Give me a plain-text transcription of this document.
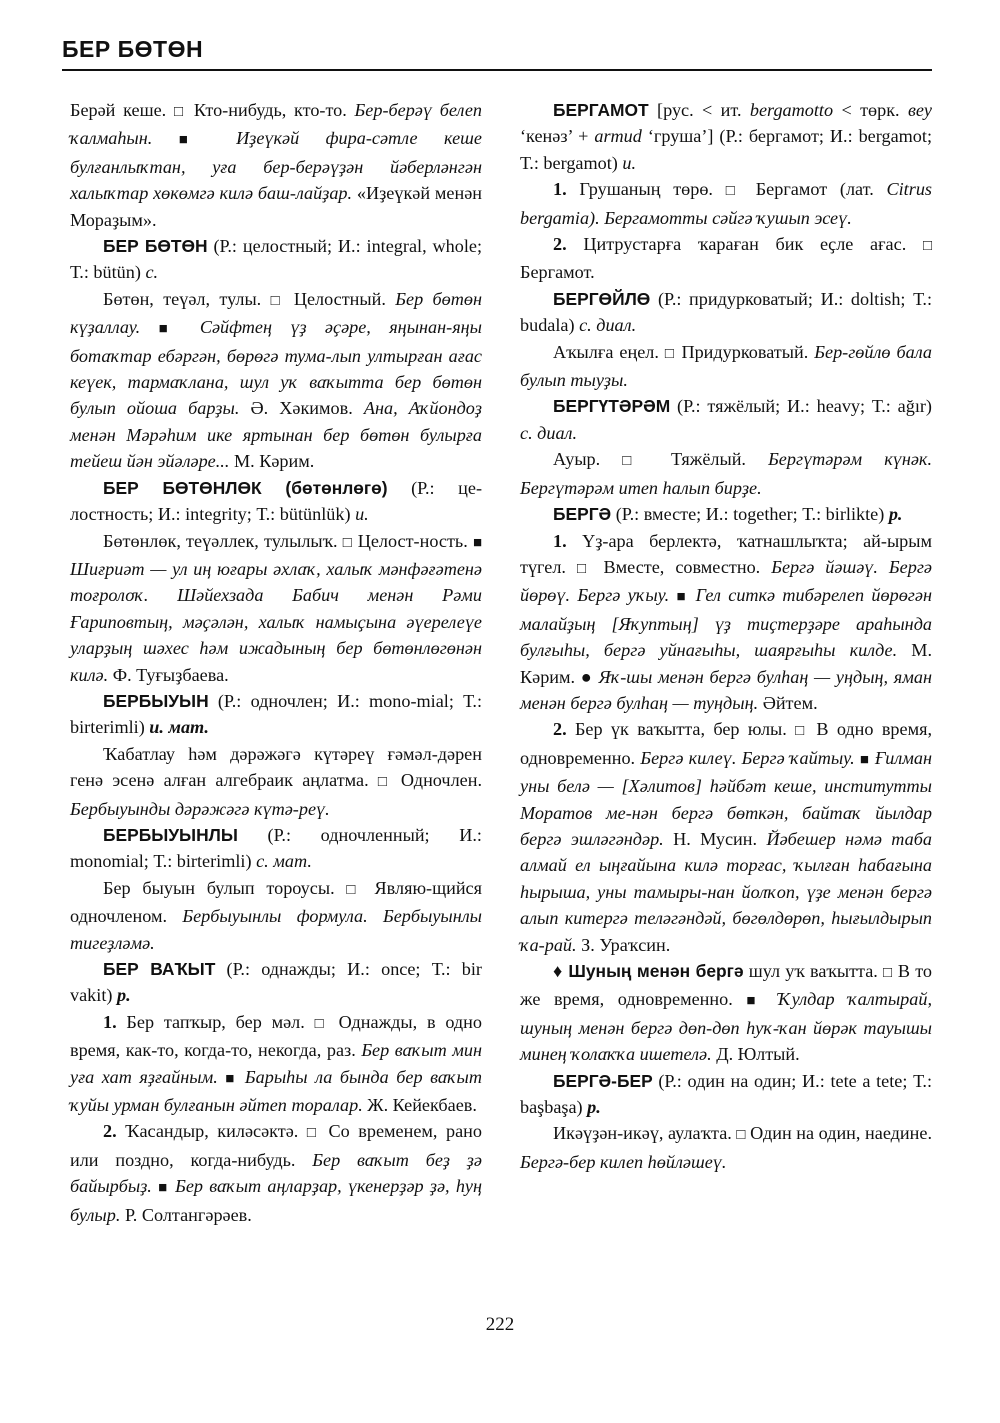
БЕР БӨТӨН

Берәй кеше. □ Кто-нибудь, кто-то. Бер-берәү белеп ҡалмаһын. ■ Иҙеүкәй фира-сәтле кеше булғанлыҡтан, уға бер-берәүҙән йәберләнгән халыҡтар хөкөмгә килә баш-лайҙар. «Иҙеүкәй менән Мораҙым».

БЕР БӨТӨН (Р.: целостный; И.: integral, whole; Т.: bütün) с.

Бөтөн, теүәл, тулы. □ Целостный. Бер бөтөн күҙаллау. ■ Сәйфтең үҙ әҫәре, яңынан-яңы ботаҡтар ебәргән, бөрөгә тума-лып ултырған ағас кеүек, тармаҡлана, шул уҡ ваҡытта бер бөтөн булып ойоша барҙы. Ә. Хәкимов. Ана, Аҡйондоҙ менән Мәрәһим ике яртынан бер бөтөн булырға тейеш йән эйәләре... М. Кәрим.

БЕР БӨТӨНЛӨК (бөтөнлөгө) (Р.: це-лостность; И.: integrity; Т.: bütünlük) и.

Бөтөнлөк, теүәллек, тулылыҡ. □ Целост-ность. ■ Шиғриәт — ул иң юғары әхлаҡ, халыҡ мәнфәғәтенә тоғролоҡ. Шәйехзада Бабич менән Рәми Ғариповтың, мәҫәлән, халыҡ намыҫына әүерелеүе уларҙың шәхес һәм ижадының бер бөтөнлөгөнән килә. Ф. Туғыҙбаева.

БЕРБЫУЫН (Р.: одночлен; И.: mono-mial; Т.: birterimli) и. мат.

Ҡабатлау һәм дәрәжәгә күтәреү ғәмәл-дәрен генә эсенә алған алгебраик аңлатма. □ Одночлен. Бербыуынды дәрәжәгә күтә-реү.

БЕРБЫУЫНЛЫ (Р.: одночленный; И.: monomial; Т.: birterimli) с. мат.

Бер быуын булып тороусы. □ Являю-щийся одночленом. Бербыуынлы формула. Бербыуынлы тигеҙләмә.

БЕР ВАҠЫТ (Р.: однажды; И.: once; Т.: bir vakit) р.

1. Бер тапҡыр, бер мәл. □ Однажды, в одно время, как-то, когда-то, некогда, раз. Бер ваҡыт мин уға хат яҙғайным. ■ Барыһы ла бында бер ваҡыт ҡуйы урман булғанын әйтеп торалар. Ж. Кейекбаев.

2. Ҡасандыр, киләсәктә. □ Со временем, рано или поздно, когда-нибудь. Бер ваҡыт беҙ ҙә байырбыҙ. ■ Бер ваҡыт аңларҙар, үкенерҙәр ҙә, һуң булыр. Р. Солтангәрәев.

БЕРГАМОТ [рус. < ит. bergamotto < төрк. веу ‘кенәз’ + armud ‘груша’] (Р.: бергамот; И.: bergamot; Т.: bergamot) и.

1. Грушаның төрө. □ Бергамот (лат. Citrus bergamia). Бергамотты сәйгә ҡушып эсеү.

2. Цитрустарға ҡараған бик еҫле ағас. □ Бергамот.

БЕРГӨЙЛӨ (Р.: придурковатый; И.: doltish; Т.: budala) с. диал.

Аҡылға еңел. □ Придурковатый. Бер-гөйлө бала булып тыуҙы.

БЕРГҮТӘРӘМ (Р.: тяжёлый; И.: heavy; Т.: ağır) с. диал.

Ауыр. □ Тяжёлый. Бергүтәрәм күнәк. Бергүтәрәм итеп һалып бирҙе.

БЕРГӘ (Р.: вместе; И.: together; Т.: birlikte) р.

1. Үҙ-ара берлектә, ҡатнашлыҡта; ай-ырым түгел. □ Вместе, совместно. Бергә йәшәү. Бергә йөрөү. Бергә уҡыу. ■ Гел ситкә тибәрелеп йөрөгән малайҙың [Яҡуптың] үҙ тиҫтерҙәре араһында булғыһы, бергә уйнағыһы, шаярғыһы килде. М. Кәрим. ● Яҡ-шы менән бергә булһаң — уңдың, яман менән бергә булһаң — туңдың. Әйтем.

2. Бер үк ваҡытта, бер юлы. □ В одно время, одновременно. Бергә килеү. Бергә ҡайтыу. ■ Ғилман уны белә — [Хәлитов] һәйбәт кеше, институтты Моратов ме-нән бергә бөткән, байтаҡ йылдар бергә эшләгәндәр. Н. Мусин. Йәбешер нәмә таба алмай ел ыңғайына килә торғас, ҡылған һабағына һырыша, уны тамыры-нан йолҡоп, үҙе менән бергә алып китергә теләгәндәй, бөгөлдөрөп, һығылдырып ҡа-рай. З. Ураҡсин.

♦ Шуның менән бергә шул уҡ ваҡытта. □ В то же время, одновременно. ■ Ҡулдар ҡалтырай, шуның менән бергә дөп-дөп һуҡ-ҡан йөрәк тауышы минең ҡолаҡҡа ишетелә. Д. Юлтый.

БЕРГӘ-БЕР (Р.: один на один; И.: tete a tete; Т.: başbaşa) р.

Икәүҙән-икәү, аулаҡта. □ Один на один, наедине. Бергә-бер килеп һөйләшеү.

222
